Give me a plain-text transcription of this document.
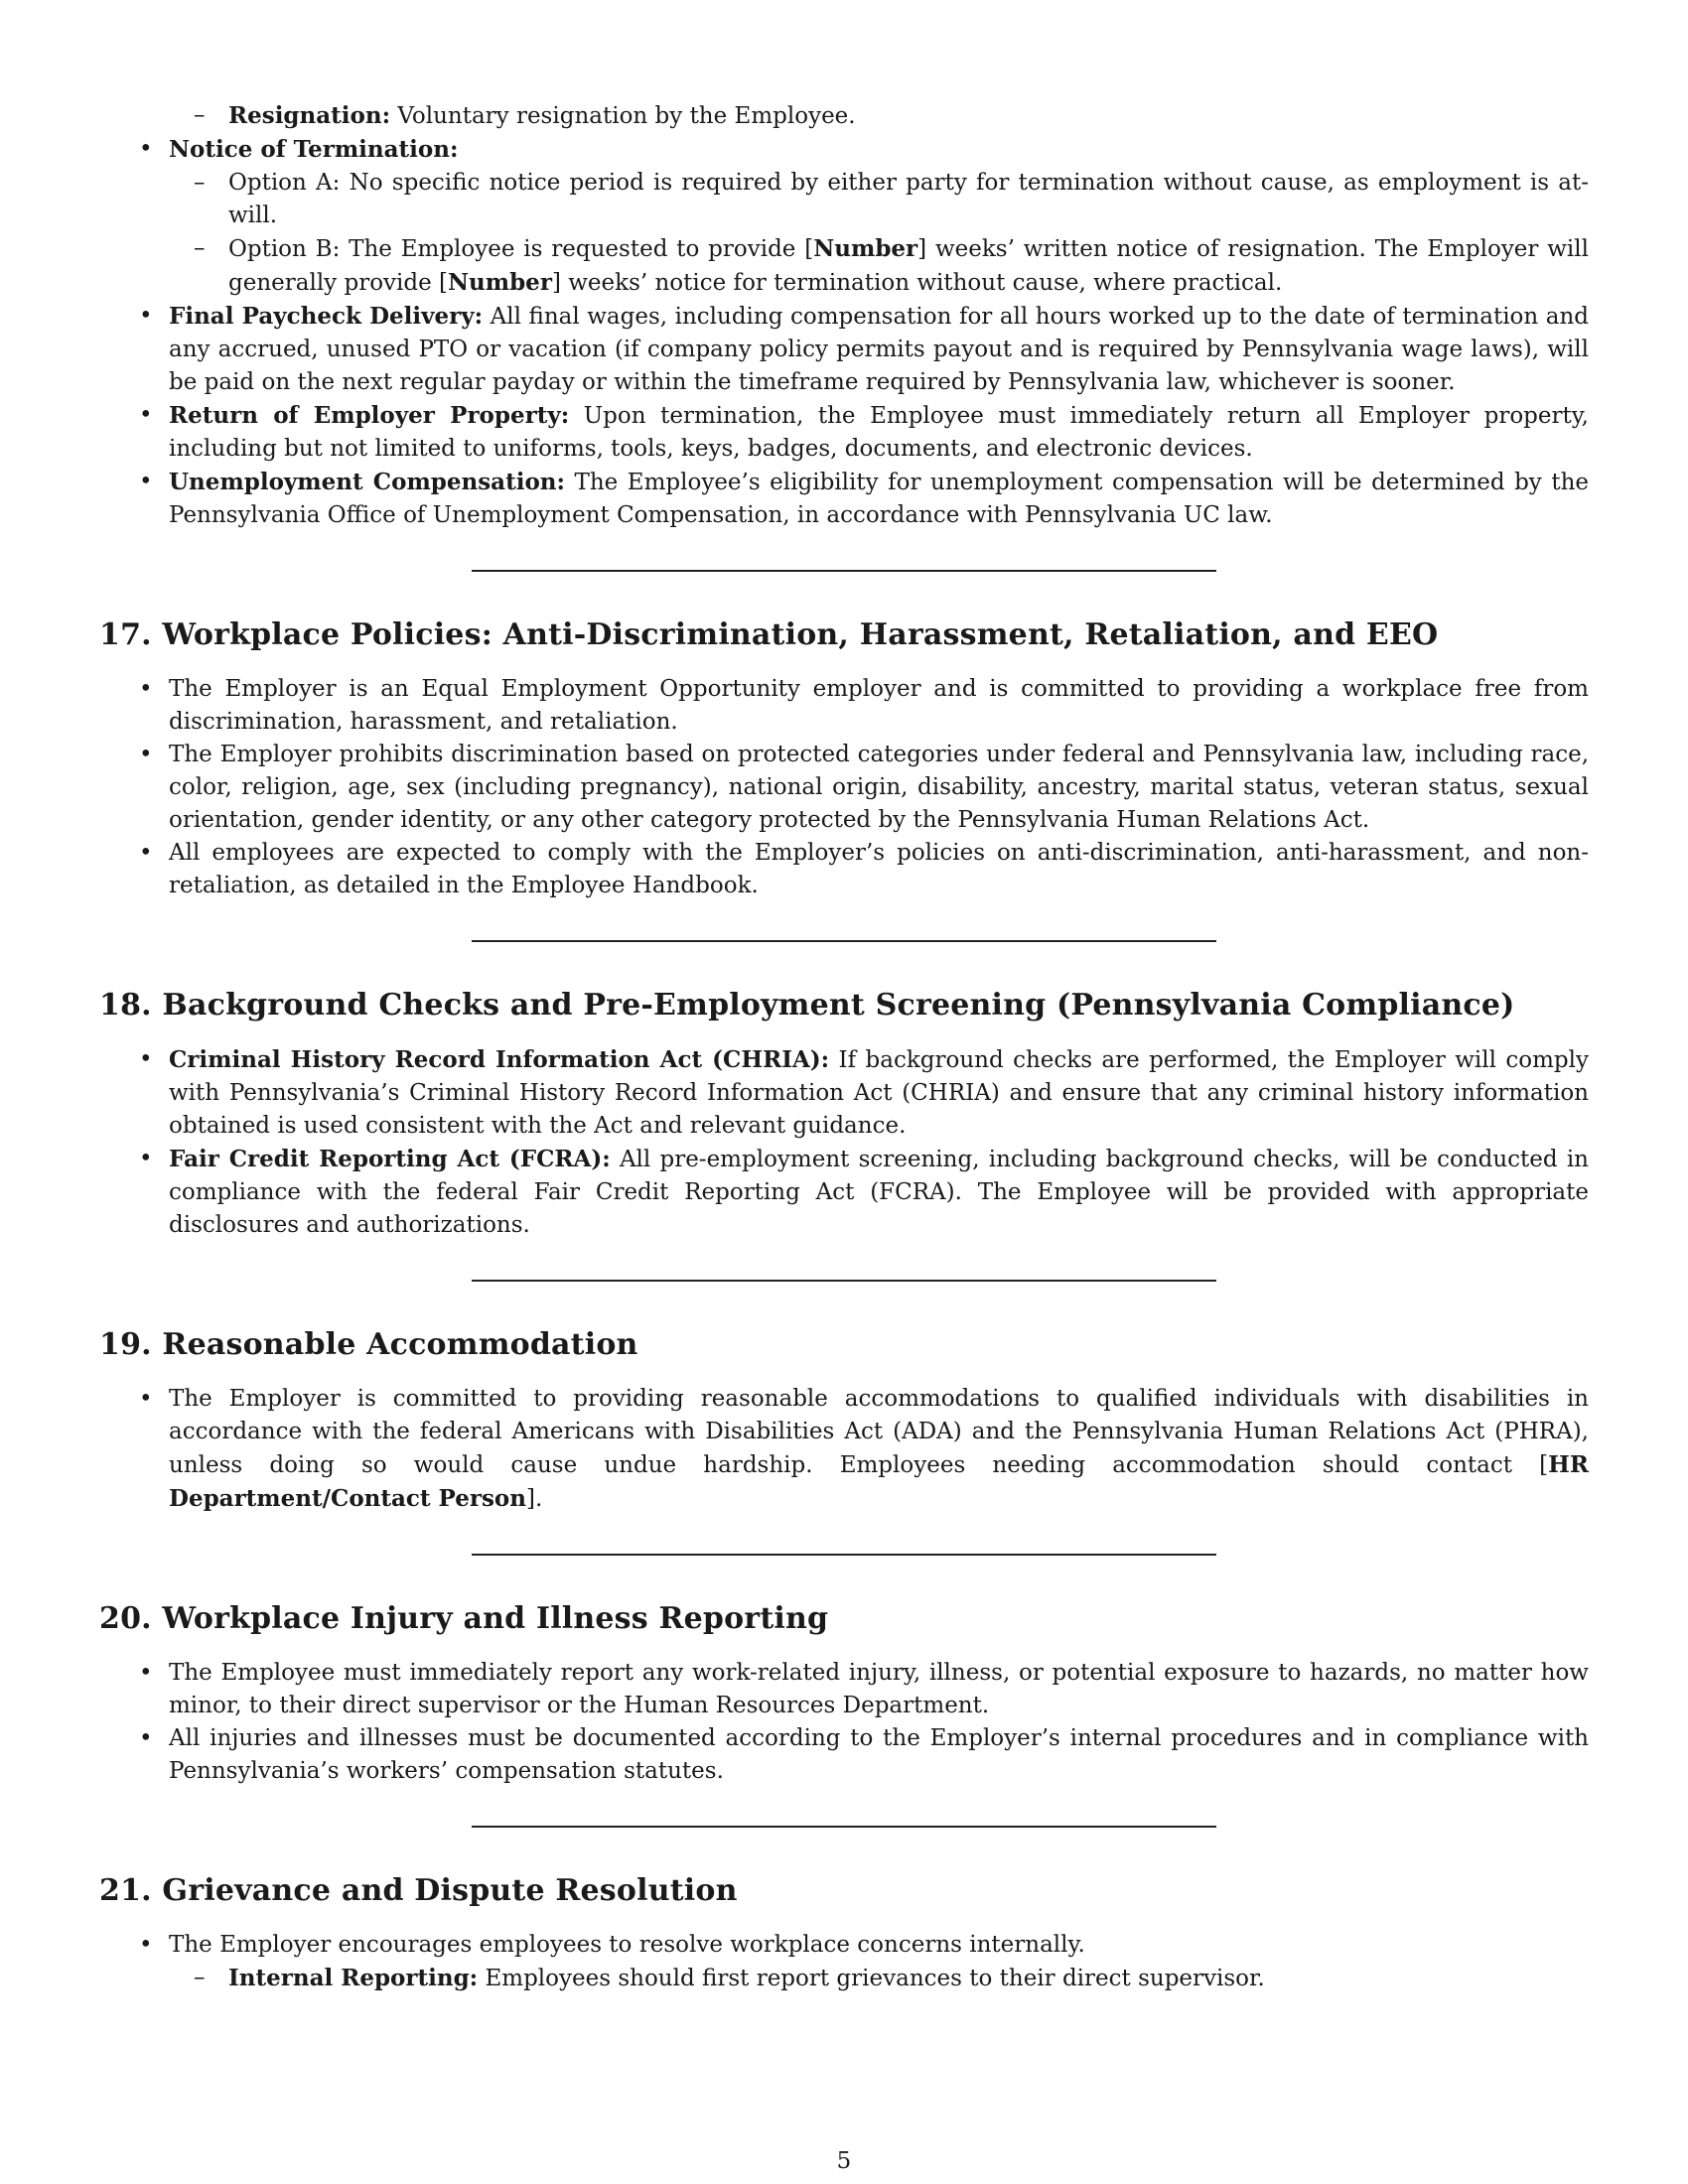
– Resignation: Voluntary resignation by the Employee.

• Notice of Termination:

– Option A: No specific notice period is required by either party for termination without cause, as employment is at-will.

– Option B: The Employee is requested to provide [Number] weeks’ written notice of resignation. The Employer will generally provide [Number] weeks’ notice for termination without cause, where practical.

• Final Paycheck Delivery: All final wages, including compensation for all hours worked up to the date of termination and any accrued, unused PTO or vacation (if company policy permits payout and is required by Pennsylvania wage laws), will be paid on the next regular payday or within the timeframe required by Pennsylvania law, whichever is sooner.

• Return of Employer Property: Upon termination, the Employee must immediately return all Employer property, including but not limited to uniforms, tools, keys, badges, documents, and electronic devices.

• Unemployment Compensation: The Employee’s eligibility for unemployment compensation will be determined by the Pennsylvania Office of Unemployment Compensation, in accordance with Pennsylvania UC law.

17. Workplace Policies: Anti-Discrimination, Harassment, Retaliation, and EEO

• The Employer is an Equal Employment Opportunity employer and is committed to providing a workplace free from discrimination, harassment, and retaliation.

• The Employer prohibits discrimination based on protected categories under federal and Pennsylvania law, including race, color, religion, age, sex (including pregnancy), national origin, disability, ancestry, marital status, veteran status, sexual orientation, gender identity, or any other category protected by the Pennsylvania Human Relations Act.

• All employees are expected to comply with the Employer’s policies on anti-discrimination, anti-harassment, and non-retaliation, as detailed in the Employee Handbook.

18. Background Checks and Pre-Employment Screening (Pennsylvania Compliance)

• Criminal History Record Information Act (CHRIA): If background checks are performed, the Employer will comply with Pennsylvania’s Criminal History Record Information Act (CHRIA) and ensure that any criminal history information obtained is used consistent with the Act and relevant guidance.

• Fair Credit Reporting Act (FCRA): All pre-employment screening, including background checks, will be conducted in compliance with the federal Fair Credit Reporting Act (FCRA). The Employee will be provided with appropriate disclosures and authorizations.

19. Reasonable Accommodation

• The Employer is committed to providing reasonable accommodations to qualified individuals with disabilities in accordance with the federal Americans with Disabilities Act (ADA) and the Pennsylvania Human Relations Act (PHRA), unless doing so would cause undue hardship. Employees needing accommodation should contact [HR Department/Contact Person].

20. Workplace Injury and Illness Reporting

• The Employee must immediately report any work-related injury, illness, or potential exposure to hazards, no matter how minor, to their direct supervisor or the Human Resources Department.

• All injuries and illnesses must be documented according to the Employer’s internal procedures and in compliance with Pennsylvania’s workers’ compensation statutes.

21. Grievance and Dispute Resolution

• The Employer encourages employees to resolve workplace concerns internally.

– Internal Reporting: Employees should first report grievances to their direct supervisor.

5
